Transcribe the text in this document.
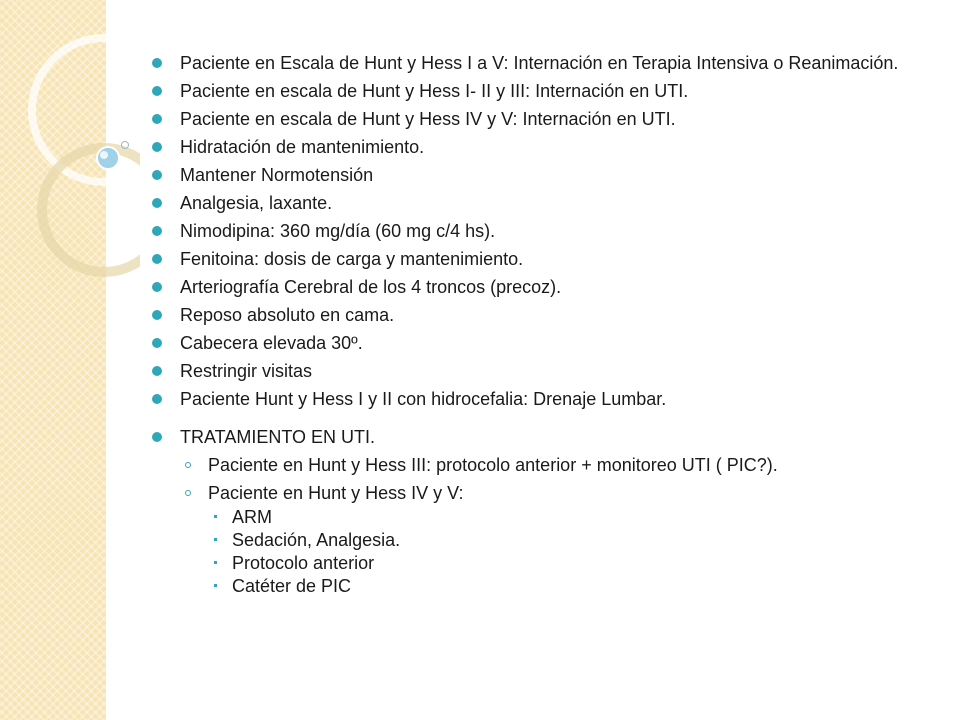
Paciente en Escala de Hunt y Hess I a V: Internación en Terapia Intensiva o Reanimación.
Paciente en escala de Hunt y Hess I- II y III: Internación en UTI.
Paciente en escala de Hunt y Hess IV y V: Internación en UTI.
Hidratación de mantenimiento.
Mantener Normotensión
Analgesia, laxante.
Nimodipina: 360 mg/día (60 mg c/4 hs).
Fenitoina: dosis de carga y mantenimiento.
Arteriografía Cerebral de los 4 troncos (precoz).
Reposo absoluto en cama.
Cabecera elevada 30º.
Restringir visitas
Paciente Hunt y Hess I y II con hidrocefalia: Drenaje Lumbar.
TRATAMIENTO EN UTI.
Paciente en Hunt y Hess III: protocolo anterior + monitoreo UTI ( PIC?).
Paciente en Hunt y Hess IV y V:
ARM
Sedación, Analgesia.
Protocolo anterior
Catéter de PIC
